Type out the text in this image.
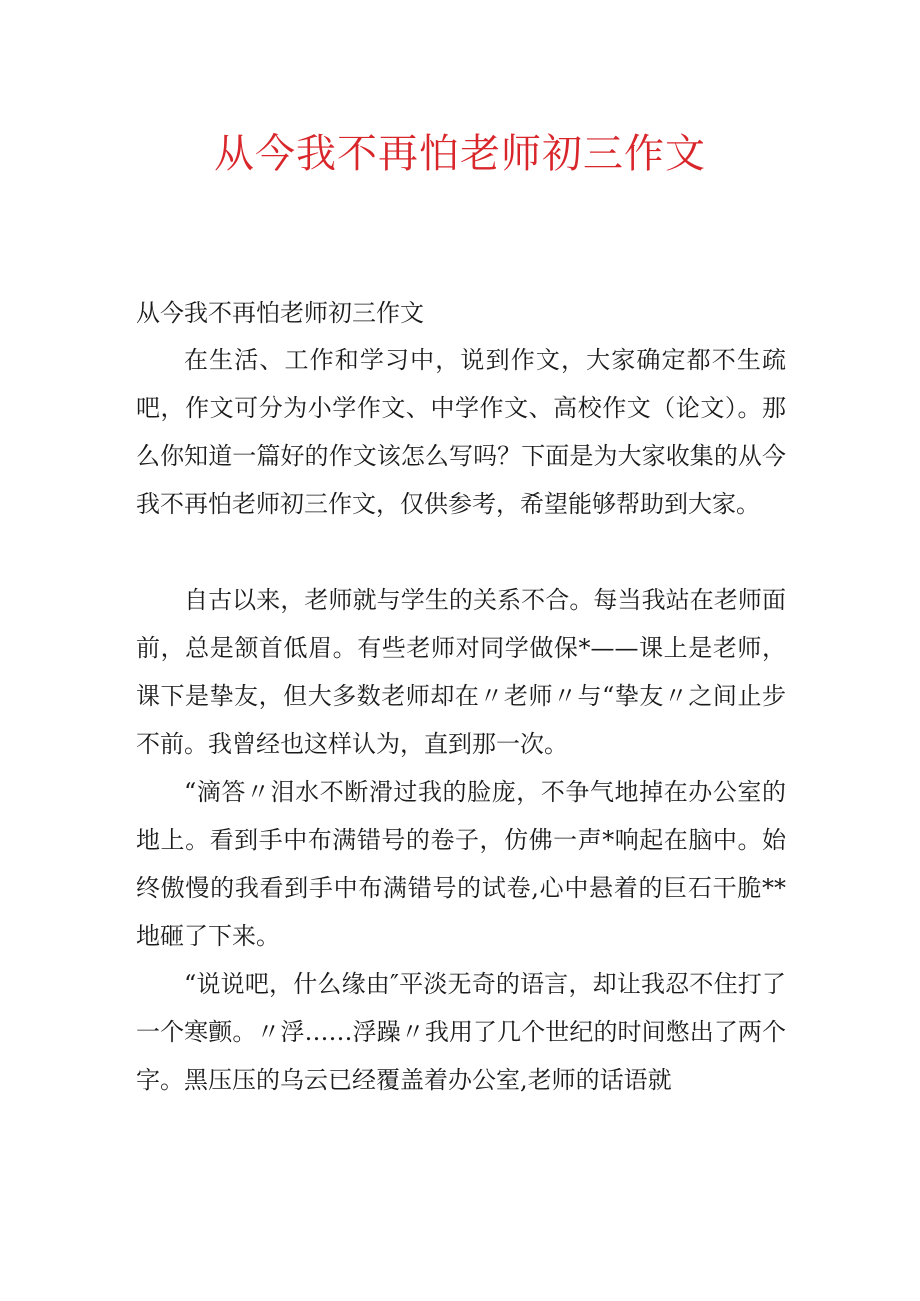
从今我不再怕老师初三作文

从今我不再怕老师初三作文

在生活、工作和学习中，说到作文，大家确定都不生疏吧，作文可分为小学作文、中学作文、高校作文（论文）。那么你知道一篇好的作文该怎么写吗？下面是为大家收集的从今我不再怕老师初三作文，仅供参考，希望能够帮助到大家。

自古以来，老师就与学生的关系不合。每当我站在老师面前，总是颔首低眉。有些老师对同学做保*——课上是老师，课下是挚友，但大多数老师却在〃老师〃与“挚友〃之间止步不前。我曾经也这样认为，直到那一次。

“滴答〃泪水不断滑过我的脸庞，不争气地掉在办公室的地上。看到手中布满错号的卷子，仿佛一声*响起在脑中。始终傲慢的我看到手中布满错号的试卷,心中悬着的巨石干脆**地砸了下来。

“说说吧，什么缘由″平淡无奇的语言，却让我忍不住打了一个寒颤。〃浮……浮躁〃我用了几个世纪的时间憋出了两个字。黑压压的乌云已经覆盖着办公室,老师的话语就
